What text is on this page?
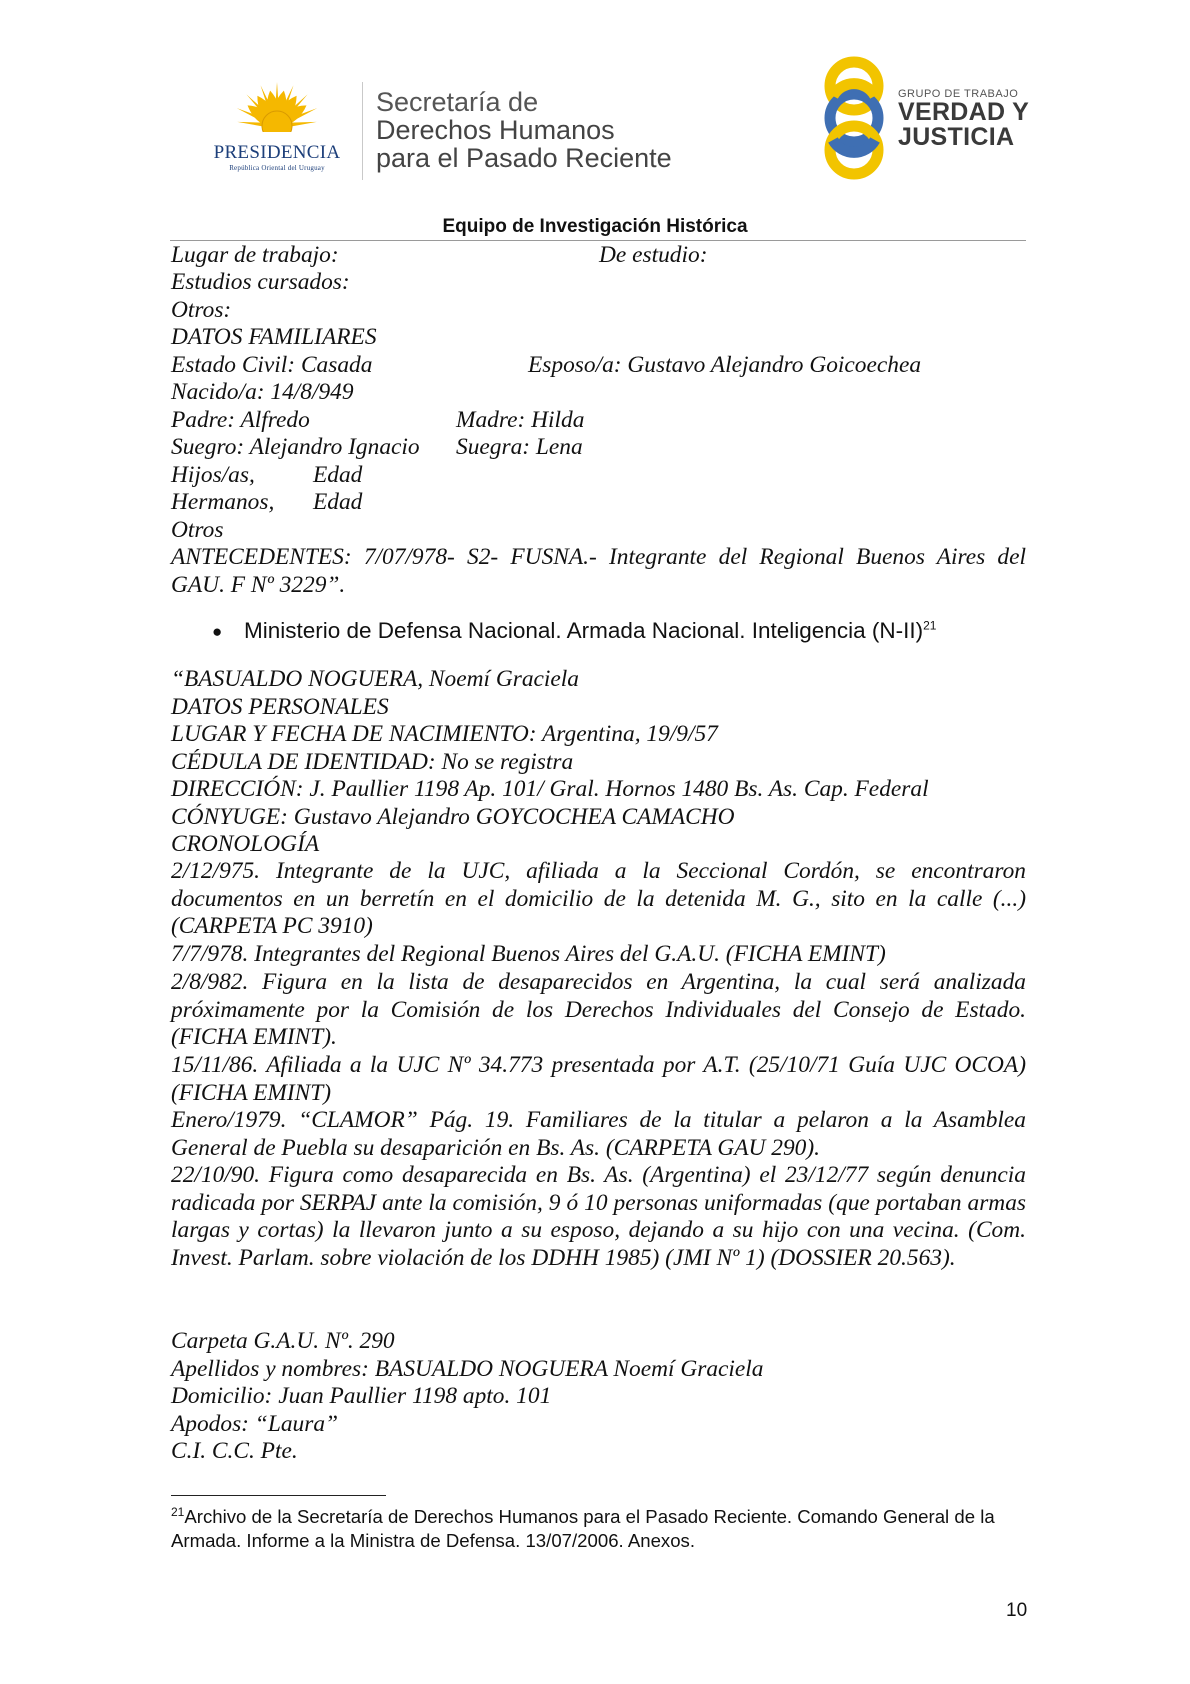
PRESIDENCIA
República Oriental del Uruguay
Secretaría de
Derechos Humanos
para el Pasado Reciente
GRUPO DE TRABAJO
VERDAD Y
JUSTICIA
Equipo de Investigación Histórica
Lugar de trabajo:	De estudio:
Estudios cursados:
Otros:
DATOS FAMILIARES
Estado Civil: Casada	Esposo/a: Gustavo Alejandro Goicoechea
Nacido/a: 14/8/949
Padre: Alfredo	Madre: Hilda
Suegro: Alejandro Ignacio Suegra: Lena
Hijos/as, Edad
Hermanos, Edad
Otros
ANTECEDENTES: 7/07/978- S2- FUSNA.- Integrante del Regional Buenos Aires del GAU. F Nº 3229”.
● Ministerio de Defensa Nacional. Armada Nacional. Inteligencia $(N-II)^{21}$
“BASUALDO NOGUERA, Noemí Graciela
DATOS PERSONALES
LUGAR Y FECHA DE NACIMIENTO: Argentina, 19/9/57
CÉDULA DE IDENTIDAD: No se registra
DIRECCIÓN: J. Paullier 1198 Ap. 101/ Gral. Hornos 1480 Bs. As. Cap. Federal
CÓNYUGE: Gustavo Alejandro GOYCOCHEA CAMACHO
CRONOLOGÍA
2/12/975. Integrante de la UJC, afiliada a la Seccional Cordón, se encontraron documentos en un berretín en el domicilio de la detenida M. G., sito en la calle (...) (CARPETA PC 3910)
7/7/978. Integrantes del Regional Buenos Aires del G.A.U. (FICHA EMINT)
2/8/982. Figura en la lista de desaparecidos en Argentina, la cual será analizada próximamente por la Comisión de los Derechos Individuales del Consejo de Estado. (FICHA EMINT).
15/11/86. Afiliada a la UJC Nº 34.773 presentada por A.T. (25/10/71 Guía UJC OCOA) (FICHA EMINT)
Enero/1979. “CLAMOR” Pág. 19. Familiares de la titular a pelaron a la Asamblea General de Puebla su desaparición en Bs. As. (CARPETA GAU 290).
22/10/90. Figura como desaparecida en Bs. As. (Argentina) el 23/12/77 según denuncia radicada por SERPAJ ante la comisión, 9 ó 10 personas uniformadas (que portaban armas largas y cortas) la llevaron junto a su esposo, dejando a su hijo con una vecina. (Com. Invest. Parlam. sobre violación de los DDHH 1985) (JMI Nº 1) (DOSSIER 20.563).
Carpeta G.A.U. Nº. 290
Apellidos y nombres: BASUALDO NOGUERA Noemí Graciela
Domicilio: Juan Paullier 1198 apto. 101
Apodos: “Laura”
C.I. C.C. Pte.
$^{21}$Archivo de la Secretaría de Derechos Humanos para el Pasado Reciente. Comando General de la Armada. Informe a la Ministra de Defensa. 13/07/2006. Anexos.
10
